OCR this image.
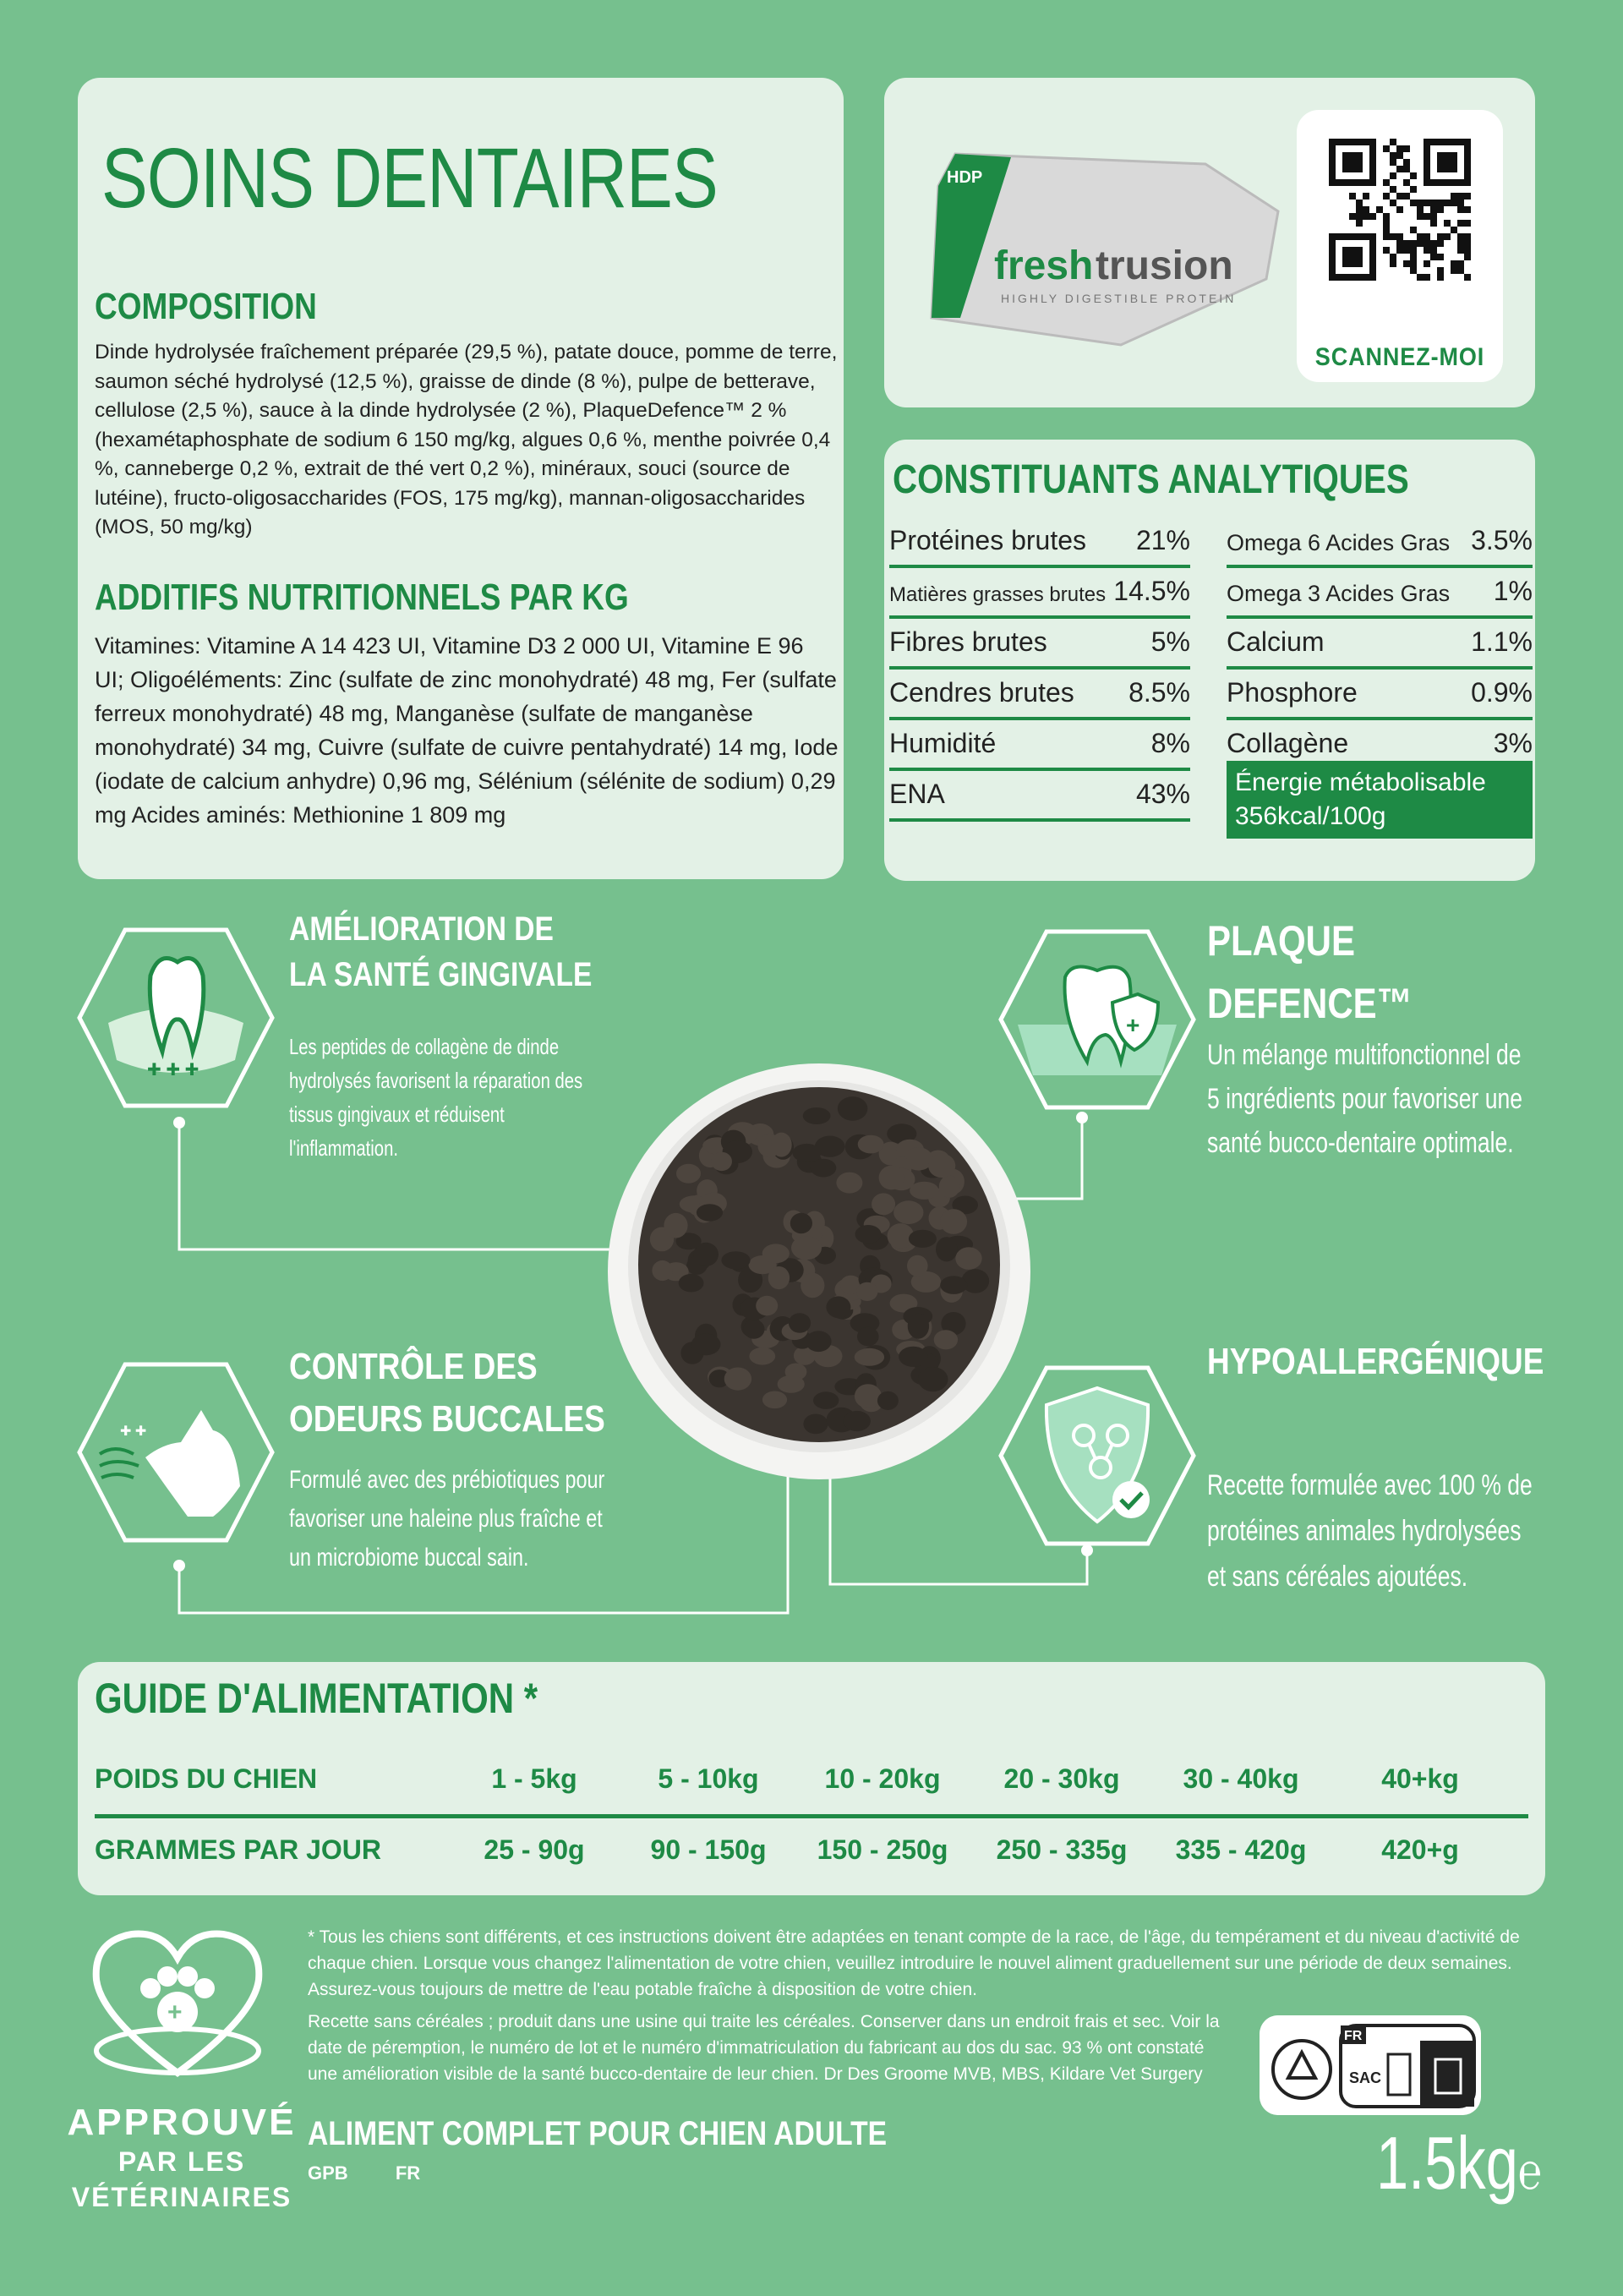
SOINS DENTAIRES
COMPOSITION
Dinde hydrolysée fraîchement préparée (29,5 %), patate douce, pomme de terre, saumon séché hydrolysé (12,5 %), graisse de dinde (8 %), pulpe de betterave, cellulose (2,5 %), sauce à la dinde hydrolysée (2 %), PlaqueDefence™ 2 % (hexamétaphosphate de sodium 6 150 mg/kg, algues 0,6 %, menthe poivrée 0,4 %, canneberge 0,2 %, extrait de thé vert 0,2 %), minéraux, souci (source de lutéine), fructo-oligosaccharides (FOS, 175 mg/kg), mannan-oligosaccharides (MOS, 50 mg/kg)
ADDITIFS NUTRITIONNELS PAR KG
Vitamines: Vitamine A 14 423 UI, Vitamine D3 2 000 UI, Vitamine E 96 UI; Oligoéléments: Zinc (sulfate de zinc monohydraté) 48 mg, Fer (sulfate ferreux monohydraté) 48 mg, Manganèse (sulfate de manganèse monohydraté) 34 mg, Cuivre (sulfate de cuivre pentahydraté) 14 mg, Iode (iodate de calcium anhydre) 0,96 mg, Sélénium (sélénite de sodium) 0,29 mg Acides aminés: Methionine 1 809 mg
HDP
fresh trusion
HIGHLY DIGESTIBLE PROTEIN
SCANNEZ-MOI
CONSTITUANTS ANALYTIQUES
Protéines brutes 21%
Matières grasses brutes 14.5%
Fibres brutes	5%
Cendres brutes 8.5%
Humidité	8%
ENA	43%
Omega 6 Acides Gras 3.5%
Omega 3 Acides Gras 1%
Calcium	1.1%
Phosphore	0.9%
Collagène	3%
Énergie métabolisable
356kcal/100g
✚ ✚ ✚
AMÉLIORATION DE
LA SANTÉ GINGIVALE
Les peptides de collagène de dinde
hydrolysés favorisent la réparation des
tissus gingivaux et réduisent
l'inflammation.
+
PLAQUE
DEFENCE™
Un mélange multifonctionnel de
5 ingrédients pour favoriser une
santé bucco-dentaire optimale.
✚ ✚
CONTRÔLE DES
ODEURS BUCCALES
Formulé avec des prébiotiques pour
favoriser une haleine plus fraîche et
un microbiome buccal sain.
HYPOALLERGÉNIQUE
Recette formulée avec 100 % de
protéines animales hydrolysées
et sans céréales ajoutées.
GUIDE D'ALIMENTATION *
POIDS DU CHIEN	1 - 5kg	5 - 10kg	10 - 20kg	20 - 30kg	30 - 40kg	40+kg
GRAMMES PAR JOUR	25 - 90g	90 - 150g	150 - 250g	250 - 335g	335 - 420g	420+g
+
APPROUVÉ
PAR LES
VÉTÉRINAIRES
* Tous les chiens sont différents, et ces instructions doivent être adaptées en tenant compte de la race, de l'âge, du tempérament et du niveau d'activité de chaque chien. Lorsque vous changez l'alimentation de votre chien, veuillez introduire le nouvel aliment graduellement sur une période de deux semaines. Assurez-vous toujours de mettre de l'eau potable fraîche à disposition de votre chien.
Recette sans céréales ; produit dans une usine qui traite les céréales. Conserver dans un endroit frais et sec. Voir la date de péremption, le numéro de lot et le numéro d'immatriculation du fabricant au dos du sac. 93 % ont constaté une amélioration visible de la santé bucco-dentaire de leur chien. Dr Des Groome MVB, MBS, Kildare Vet Surgery
ALIMENT COMPLET POUR CHIEN ADULTE
GPB	FR
FR
SAC
1.5kg℮
